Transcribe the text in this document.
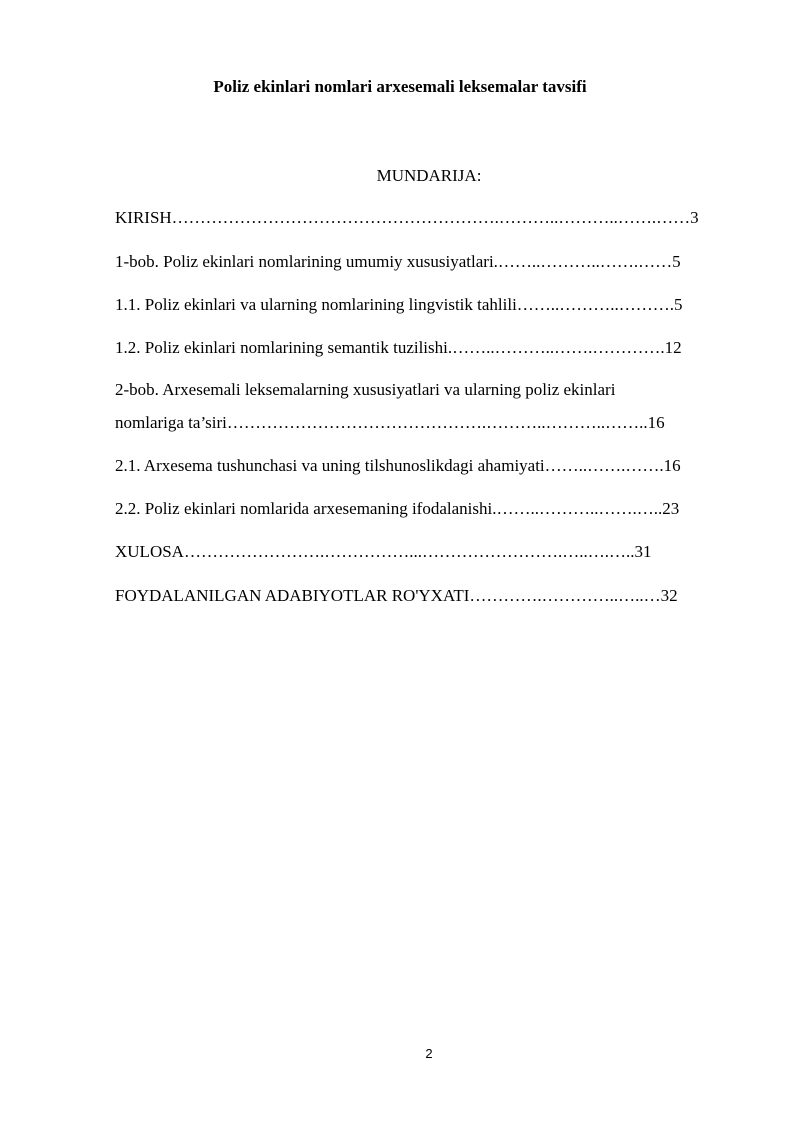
Poliz ekinlari nomlari arxesemali leksemalar tavsifi
MUNDARIJA:
KIRISH………………………………………………….………..………..…….……3
1-bob. Poliz ekinlari nomlarining umumiy xususiyatlari.……..………..…….……5
1.1. Poliz ekinlari va ularning nomlarining lingvistik tahlili……..………..……….5
1.2. Poliz ekinlari nomlarining semantik tuzilishi.……..………..…….………….12
2-bob. Arxesemali leksemalarning xususiyatlari va ularning poliz ekinlari
nomlariga ta’siri……………………………………….………..………..……..16
2.1. Arxesema tushunchasi va uning tilshunoslikdagi ahamiyati……..…….…….16
2.2. Poliz ekinlari nomlarida arxesemaning ifodalanishi.……..………..…….…..23
XULOSA…………………….……………...…………………….…..….…..31
FOYDALANILGAN ADABIYOTLAR RO'YXATI………….…………..…..…32
2
